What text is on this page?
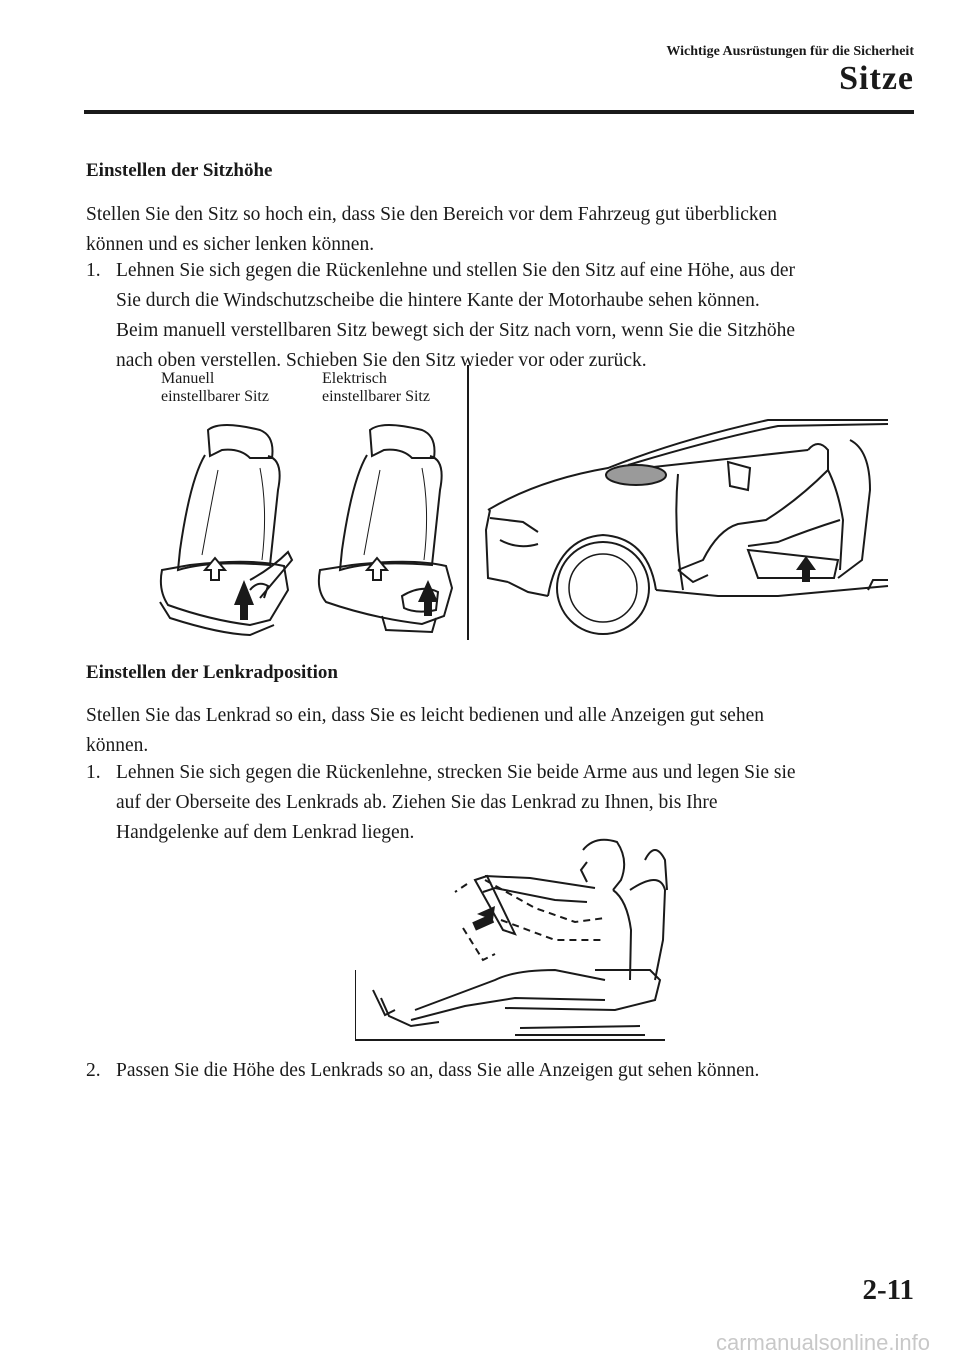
Wichtige Ausrüstungen für die Sicherheit
Sitze
Einstellen der Sitzhöhe
Stellen Sie den Sitz so hoch ein, dass Sie den Bereich vor dem Fahrzeug gut überblicken
können und es sicher lenken können.
1. Lehnen Sie sich gegen die Rückenlehne und stellen Sie den Sitz auf eine Höhe, aus der
Sie durch die Windschutzscheibe die hintere Kante der Motorhaube sehen können.
Beim manuell verstellbaren Sitz bewegt sich der Sitz nach vorn, wenn Sie die Sitzhöhe
nach oben verstellen. Schieben Sie den Sitz wieder vor oder zurück.
Manuell
einstellbarer Sitz
Elektrisch
einstellbarer Sitz
Einstellen der Lenkradposition
Stellen Sie das Lenkrad so ein, dass Sie es leicht bedienen und alle Anzeigen gut sehen
können.
1. Lehnen Sie sich gegen die Rückenlehne, strecken Sie beide Arme aus und legen Sie sie
auf der Oberseite des Lenkrads ab. Ziehen Sie das Lenkrad zu Ihnen, bis Ihre
Handgelenke auf dem Lenkrad liegen.
2. Passen Sie die Höhe des Lenkrads so an, dass Sie alle Anzeigen gut sehen können.
2-11
carmanualsonline.info
